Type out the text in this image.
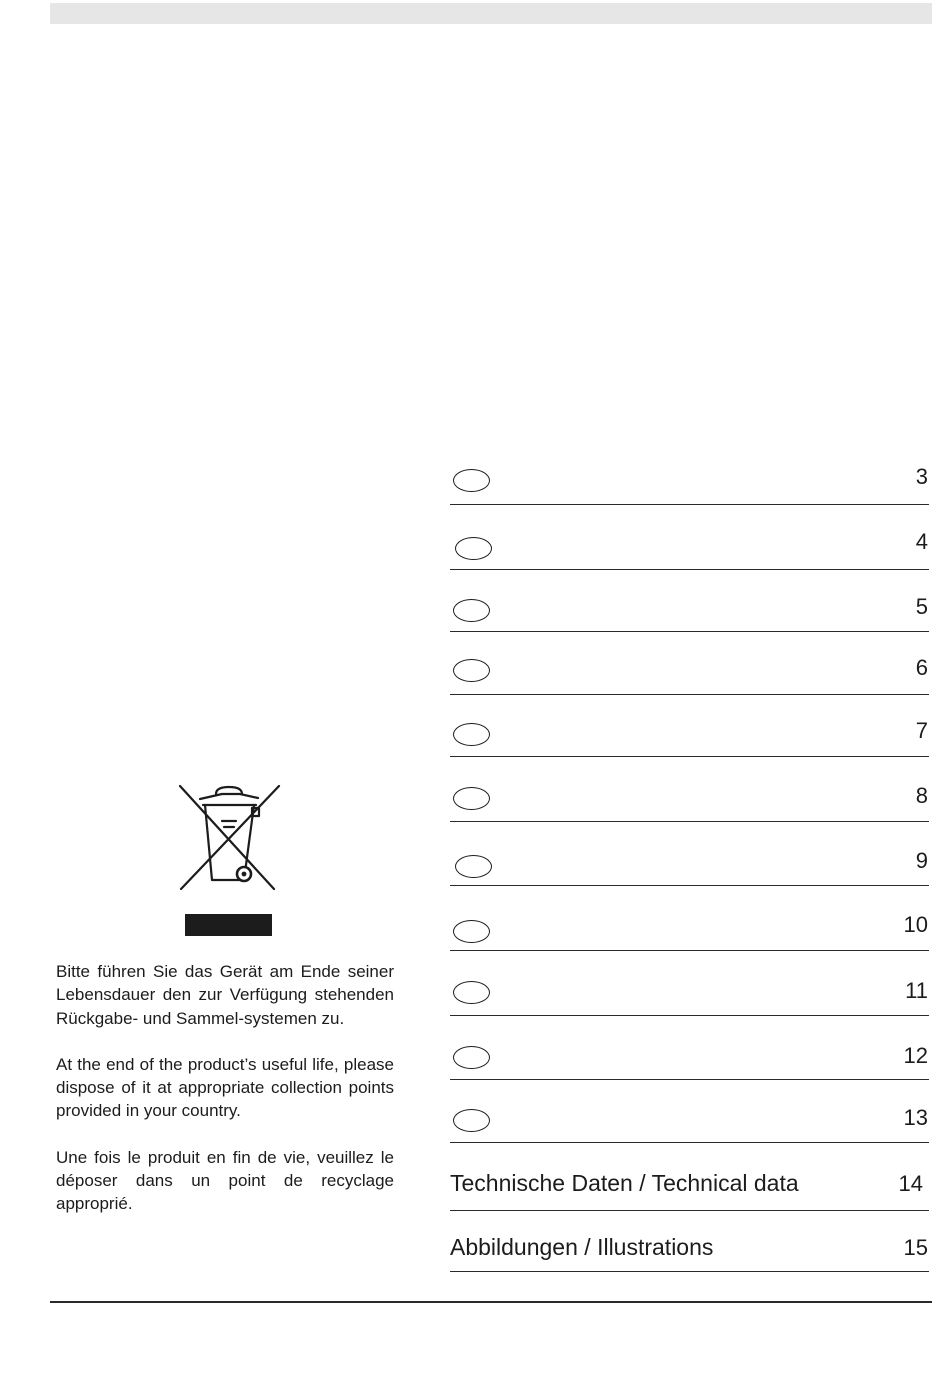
3
4
5
6
7
8
9
10
11
12
13
Technische Daten / Technical data	14
Abbildungen / Illustrations	15

Bitte führen Sie das Gerät am Ende seiner Lebensdauer den zur Verfügung stehenden Rückgabe- und Sammel-systemen zu.

At the end of the product’s useful life, please dispose of it at appropriate collection points provided in your country.

Une fois le produit en fin de vie, veuillez le déposer dans un point de recyclage approprié.
